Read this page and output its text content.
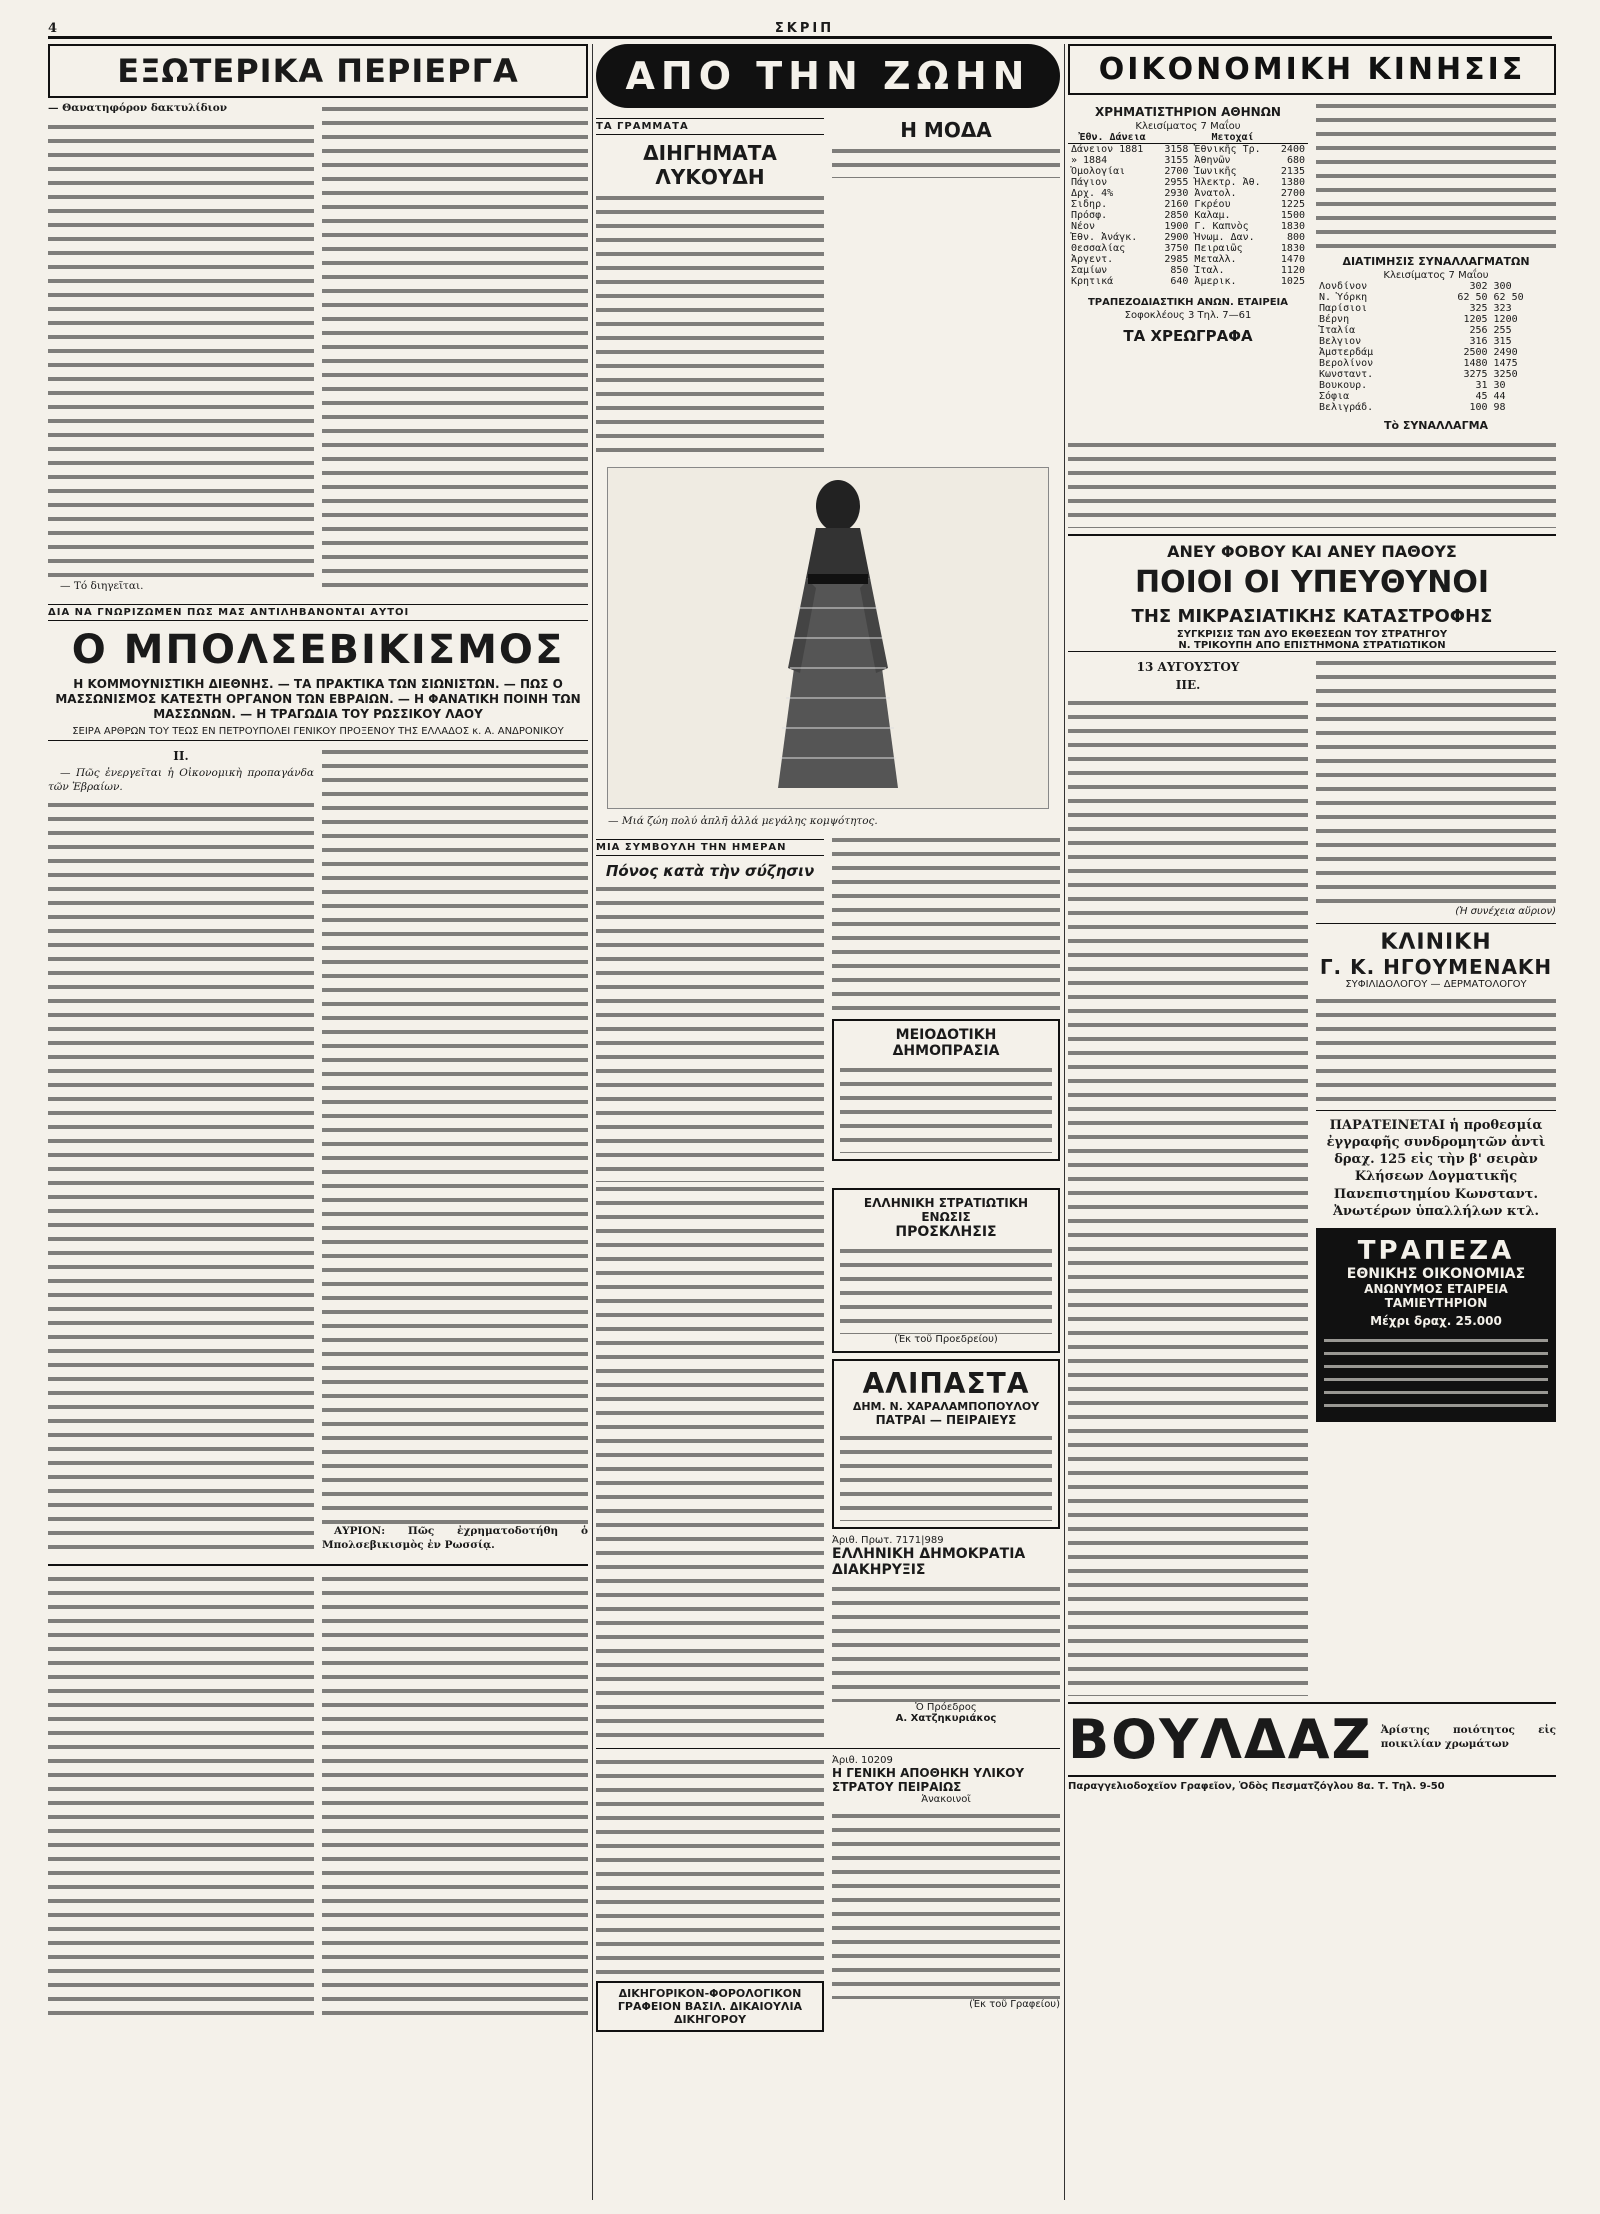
4	ΣΚΡΙΠ
ΕΞΩΤΕΡΙΚΑ ΠΕΡΙΕΡΓΑ
— Θανατηφόρον δακτυλίδιον
— Τό διηγεῖται.
ΔΙΑ ΝΑ ΓΝΩΡΙΖΩΜΕΝ ΠΩΣ ΜΑΣ ΑΝΤΙΛΗΒΑΝΟΝΤΑΙ ΑΥΤΟΙ
Ο ΜΠΟΛΣΕΒΙΚΙΣΜΟΣ
Η ΚΟΜΜΟΥΝΙΣΤΙΚΗ ΔΙΕΘΝΗΣ. — ΤΑ ΠΡΑΚΤΙΚΑ ΤΩΝ ΣΙΩΝΙΣΤΩΝ. — ΠΩΣ Ο ΜΑΣΣΩΝΙΣΜΟΣ ΚΑΤΕΣΤΗ ΟΡΓΑΝΟΝ ΤΩΝ ΕΒΡΑΙΩΝ. — Η ΦΑΝΑΤΙΚΗ ΠΟΙΝΗ ΤΩΝ ΜΑΣΣΩΝΩΝ. — Η ΤΡΑΓΩΔΙΑ ΤΟΥ ΡΩΣΣΙΚΟΥ ΛΑΟΥ
ΣΕΙΡΑ ΑΡΘΡΩΝ ΤΟΥ ΤΕΩΣ ΕΝ ΠΕΤΡΟΥΠΟΛΕΙ ΓΕΝΙΚΟΥ ΠΡΟΞΕΝΟΥ ΤΗΣ ΕΛΛΑΔΟΣ κ. Α. ΑΝΔΡΟΝΙΚΟΥ
ΙΙ.
— Πῶς ἐνεργεῖται ἡ Οἰκονομικὴ προπαγάνδα τῶν Ἑβραίων.
ΑΥΡΙΟΝ: Πῶς ἐχρηματοδοτήθη ὁ Μπολσεβικισμὸς ἐν Ρωσσίᾳ.
ΑΠΟ ΤΗΝ ΖΩΗΝ
ΤΑ ΓΡΑΜΜΑΤΑ
ΔΙΗΓΗΜΑΤΑ ΛΥΚΟΥΔΗ
Η ΜΟΔΑ
— Μιά ζώη πολύ ἁπλῆ ἀλλά μεγάλης κομψότητος.
ΜΙΑ ΣΥΜΒΟΥΛΗ ΤΗΝ ΗΜΕΡΑΝ
Πόνος κατὰ τὴν σύζησιν
ΜΕΙΟΔΟΤΙΚΗ ΔΗΜΟΠΡΑΣΙΑ
ΕΛΛΗΝΙΚΗ ΣΤΡΑΤΙΩΤΙΚΗ ΕΝΩΣΙΣ
ΠΡΟΣΚΛΗΣΙΣ
(Ἐκ τοῦ Προεδρείου)
ΑΛΙΠΑΣΤΑ
ΔΗΜ. Ν. ΧΑΡΑΛΑΜΠΟΠΟΥΛΟΥ
ΠΑΤΡΑΙ — ΠΕΙΡΑΙΕΥΣ
Ἀριθ. Πρωτ. 7171|989
ΕΛΛΗΝΙΚΗ ΔΗΜΟΚΡΑΤΙΑ
ΔΙΑΚΗΡΥΞΙΣ
Ὁ Πρόεδρος
Α. Χατζηκυριάκος
ΔΙΚΗΓΟΡΙΚΟΝ-ΦΟΡΟΛΟΓΙΚΟΝ ΓΡΑΦΕΙΟΝ ΒΑΣΙΛ. ΔΙΚΑΙΟΥΛΙΑ ΔΙΚΗΓΟΡΟΥ
Ἀριθ. 10209
Η ΓΕΝΙΚΗ ΑΠΟΘΗΚΗ ΥΛΙΚΟΥ ΣΤΡΑΤΟΥ ΠΕΙΡΑΙΩΣ
Ἀνακοινοῖ
(Ἐκ τοῦ Γραφείου)
ΟΙΚΟΝΟΜΙΚΗ ΚΙΝΗΣΙΣ
ΧΡΗΜΑΤΙΣΤΗΡΙΟΝ ΑΘΗΝΩΝ
Κλεισίματος 7 Μαΐου
Ἐθν. Δάνεια		Μετοχαί	
Δάνειον 1881	3158	Ἐθνικῆς Τρ.	2400
» 1884	3155	Ἀθηνῶν	680
Ὁμολογίαι	2700	Ἰωνικῆς	2135
Πάγιον	2955	Ἠλεκτρ. Ἀθ.	1380
Δρχ. 4%	2930	Ἀνατολ.	2700
Σιδηρ.	2160	Γκρέου	1225
Πρόσφ.	2850	Καλαμ.	1500
Νέον	1900	Γ. Καπνὸς	1830
Ἐθν. Ἀνάγκ.	2900	Ἡνωμ. Δαν.	800
Θεσσαλίας	3750	Πειραιῶς	1830
Ἀργεντ.	2985	Μεταλλ.	1470
Σαμίων	850	Ἰταλ.	1120
Κρητικά	640	Ἀμερικ.	1025
ΤΡΑΠΕΖΟΔΙΑΣΤΙΚΗ ΑΝΩΝ. ΕΤΑΙΡΕΙΑ
Σοφοκλέους 3 Τηλ. 7—61
ΤΑ ΧΡΕΩΓΡΑΦΑ
ΔΙΑΤΙΜΗΣΙΣ ΣΥΝΑΛΛΑΓΜΑΤΩΝ
Κλεισίματος 7 Μαΐου
Λονδίνον	302	300
Ν. Ὑόρκη	62 50	62 50
Παρίσιοι	325	323
Βέρνη	1205	1200
Ἰταλία	256	255
Βελγιον	316	315
Ἀμστερδάμ	2500	2490
Βερολίνον	1480	1475
Κωνσταντ.	3275	3250
Βουκουρ.	31	30
Σόφια	45	44
Βελιγράδ.	100	98
Τὸ ΣΥΝΑΛΛΑΓΜΑ
ΑΝΕΥ ΦΟΒΟΥ ΚΑΙ ΑΝΕΥ ΠΑΘΟΥΣ
ΠΟΙΟΙ ΟΙ ΥΠΕΥΘΥΝΟΙ
ΤΗΣ ΜΙΚΡΑΣΙΑΤΙΚΗΣ ΚΑΤΑΣΤΡΟΦΗΣ
ΣΥΓΚΡΙΣΙΣ ΤΩΝ ΔΥΟ ΕΚΘΕΣΕΩΝ ΤΟΥ ΣΤΡΑΤΗΓΟΥ
Ν. ΤΡΙΚΟΥΠΗ ΑΠΟ ΕΠΙΣΤΗΜΟΝΑ ΣΤΡΑΤΙΩΤΙΚΟΝ
13 ΑΥΓΟΥΣΤΟΥ
ΙΙΕ.
(Ἡ συνέχεια αὔριον)
ΚΛΙΝΙΚΗ
Γ. Κ. ΗΓΟΥΜΕΝΑΚΗ
ΣΥΦΙΛΙΔΟΛΟΓΟΥ — ΔΕΡΜΑΤΟΛΟΓΟΥ
ΠΑΡΑΤΕΙΝΕΤΑΙ ἡ προθεσμία ἐγγραφῆς συνδρομητῶν ἀντὶ δραχ. 125 εἰς τὴν β' σειρὰν Κλήσεων Δογματικῆς Πανεπιστημίου Κωνσταντ. Ἀνωτέρων ὑπαλλήλων κτλ.
ΤΡΑΠΕΖΑ
ΕΘΝΙΚΗΣ ΟΙΚΟΝΟΜΙΑΣ
ΑΝΩΝΥΜΟΣ ΕΤΑΙΡΕΙΑ
ΤΑΜΙΕΥΤΗΡΙΟΝ
Μέχρι δραχ. 25.000
ΒΟΥΛΔΑΖ Ἀρίστης ποιότητος εἰς ποικιλίαν χρωμάτων
Παραγγελιοδοχεῖον Γραφεῖον, Ὁδὸς Πεσματζόγλου 8α. Τ. Τηλ. 9-50
